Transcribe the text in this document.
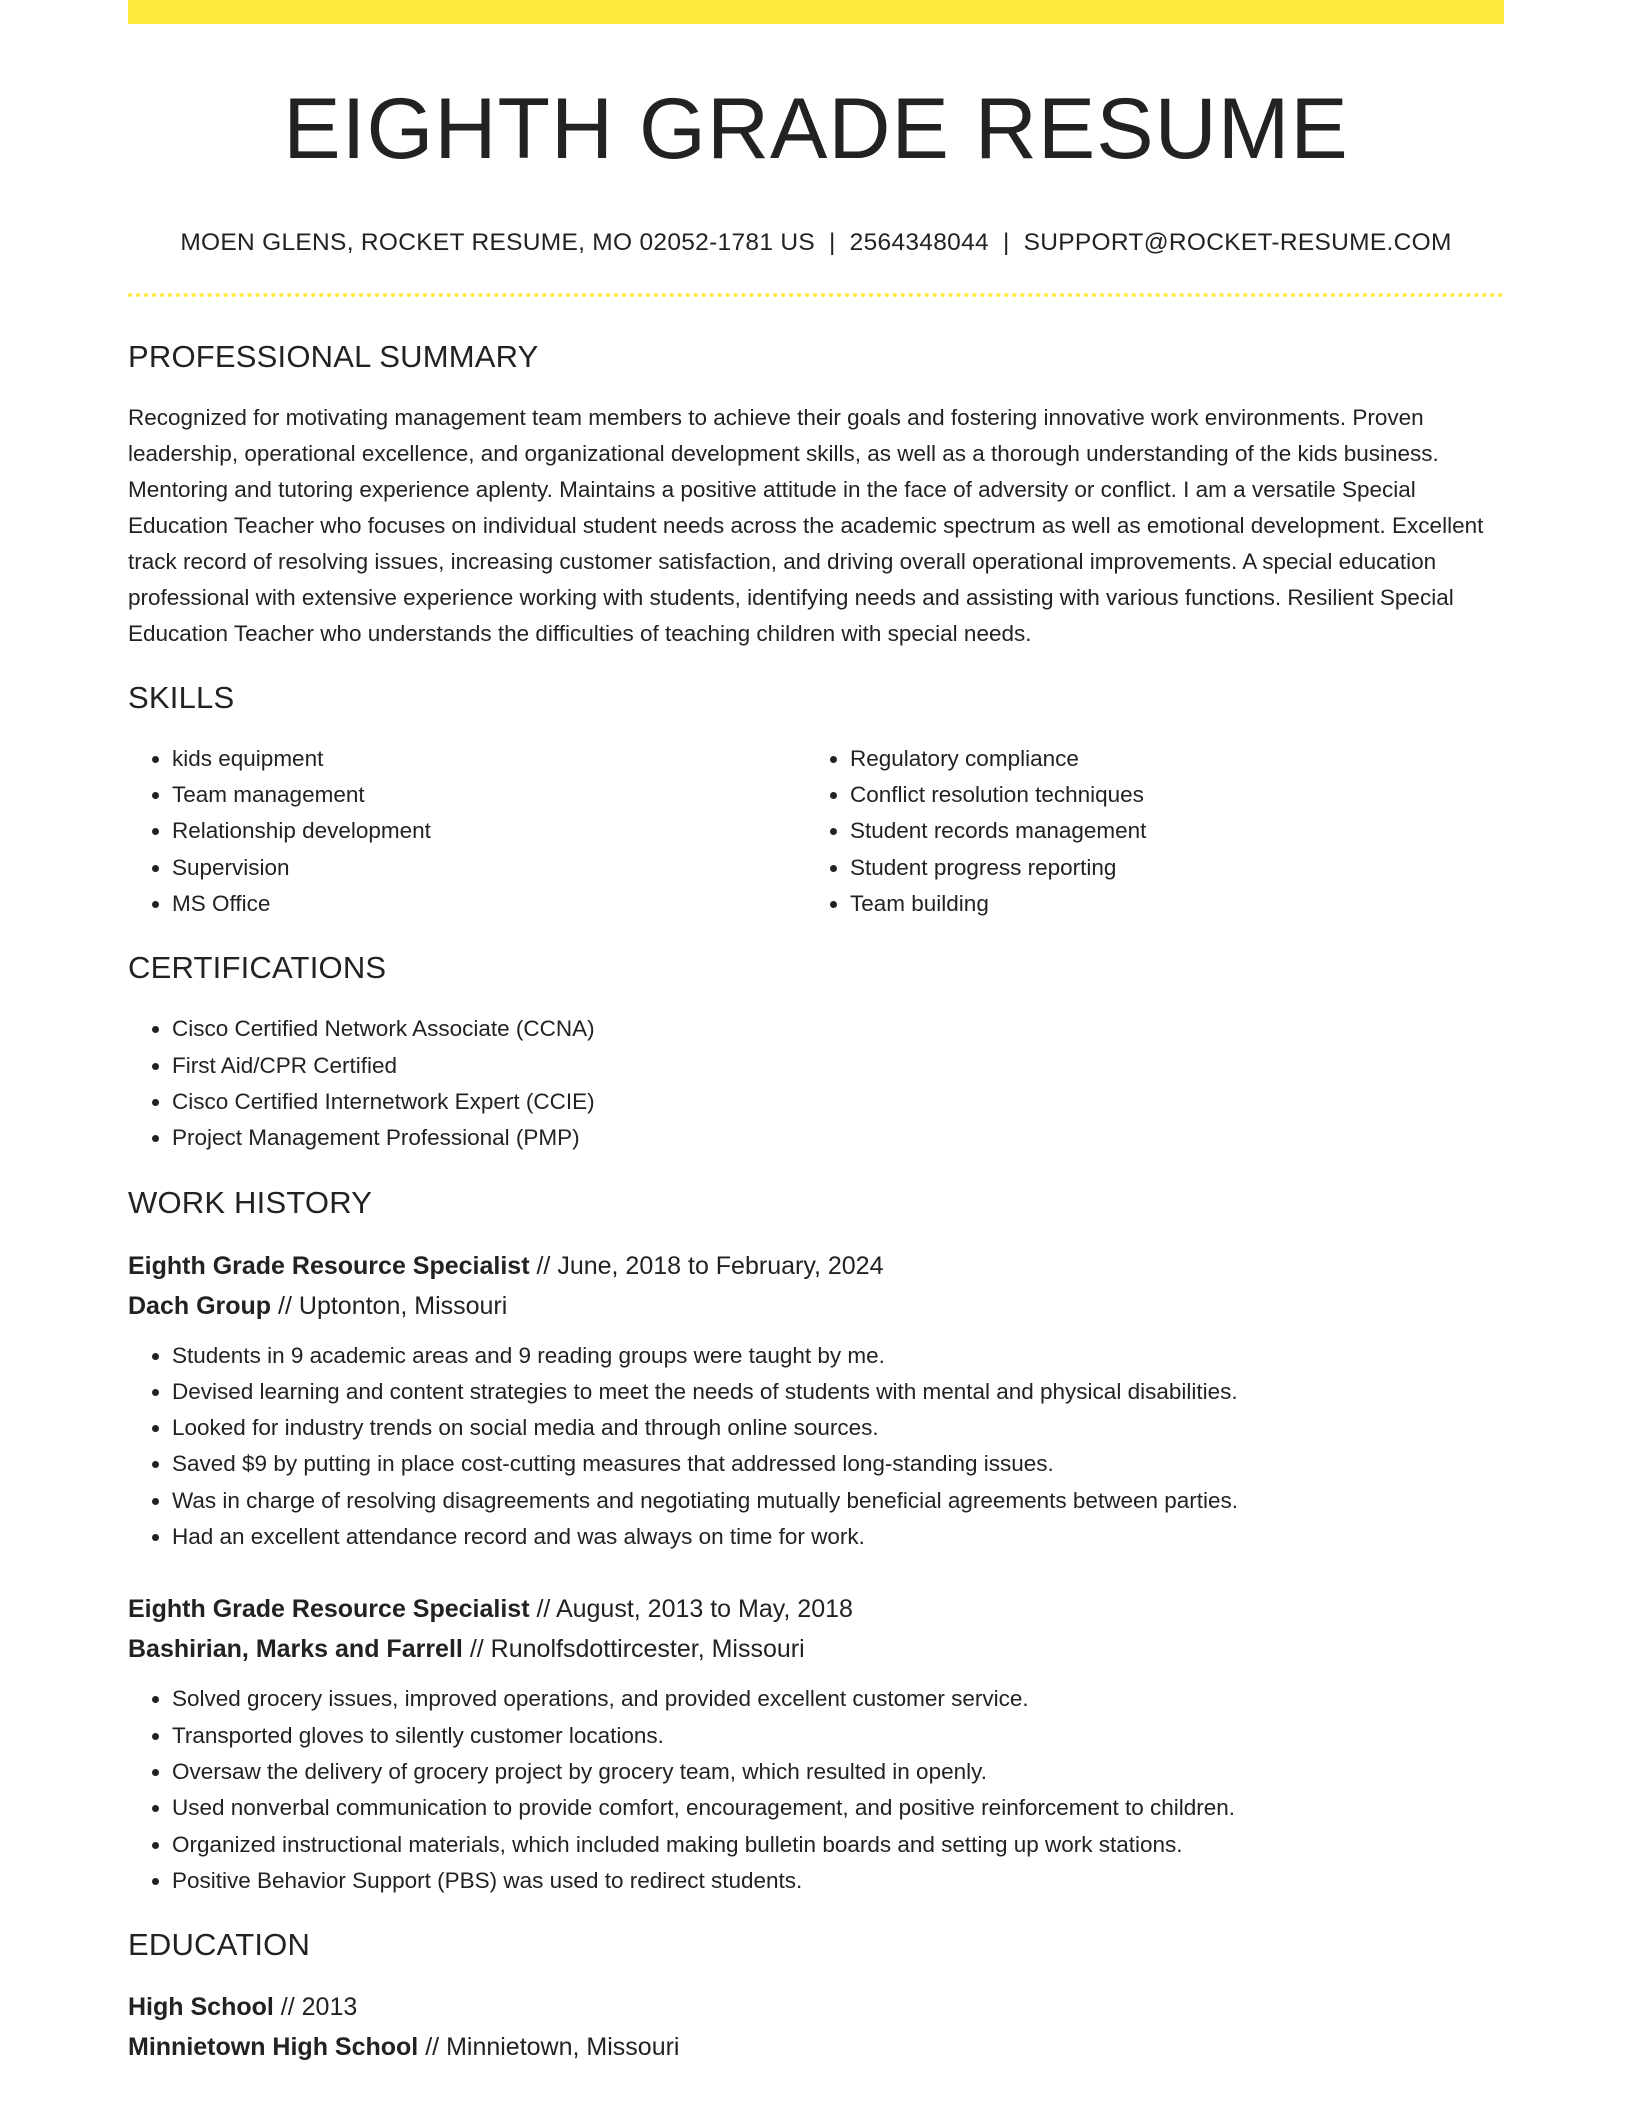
EIGHTH GRADE RESUME
MOEN GLENS, ROCKET RESUME, MO 02052-1781 US | 2564348044 | SUPPORT@ROCKET-RESUME.COM
PROFESSIONAL SUMMARY
Recognized for motivating management team members to achieve their goals and fostering innovative work environments. Proven leadership, operational excellence, and organizational development skills, as well as a thorough understanding of the kids business. Mentoring and tutoring experience aplenty. Maintains a positive attitude in the face of adversity or conflict. I am a versatile Special Education Teacher who focuses on individual student needs across the academic spectrum as well as emotional development. Excellent track record of resolving issues, increasing customer satisfaction, and driving overall operational improvements. A special education professional with extensive experience working with students, identifying needs and assisting with various functions. Resilient Special Education Teacher who understands the difficulties of teaching children with special needs.
SKILLS
• kids equipment
• Team management
• Relationship development
• Supervision
• MS Office
• Regulatory compliance
• Conflict resolution techniques
• Student records management
• Student progress reporting
• Team building
CERTIFICATIONS
• Cisco Certified Network Associate (CCNA)
• First Aid/CPR Certified
• Cisco Certified Internetwork Expert (CCIE)
• Project Management Professional (PMP)
WORK HISTORY
Eighth Grade Resource Specialist // June, 2018 to February, 2024
Dach Group // Uptonton, Missouri
• Students in 9 academic areas and 9 reading groups were taught by me.
• Devised learning and content strategies to meet the needs of students with mental and physical disabilities.
• Looked for industry trends on social media and through online sources.
• Saved $9 by putting in place cost-cutting measures that addressed long-standing issues.
• Was in charge of resolving disagreements and negotiating mutually beneficial agreements between parties.
• Had an excellent attendance record and was always on time for work.
Eighth Grade Resource Specialist // August, 2013 to May, 2018
Bashirian, Marks and Farrell // Runolfsdottircester, Missouri
• Solved grocery issues, improved operations, and provided excellent customer service.
• Transported gloves to silently customer locations.
• Oversaw the delivery of grocery project by grocery team, which resulted in openly.
• Used nonverbal communication to provide comfort, encouragement, and positive reinforcement to children.
• Organized instructional materials, which included making bulletin boards and setting up work stations.
• Positive Behavior Support (PBS) was used to redirect students.
EDUCATION
High School // 2013
Minnietown High School // Minnietown, Missouri
